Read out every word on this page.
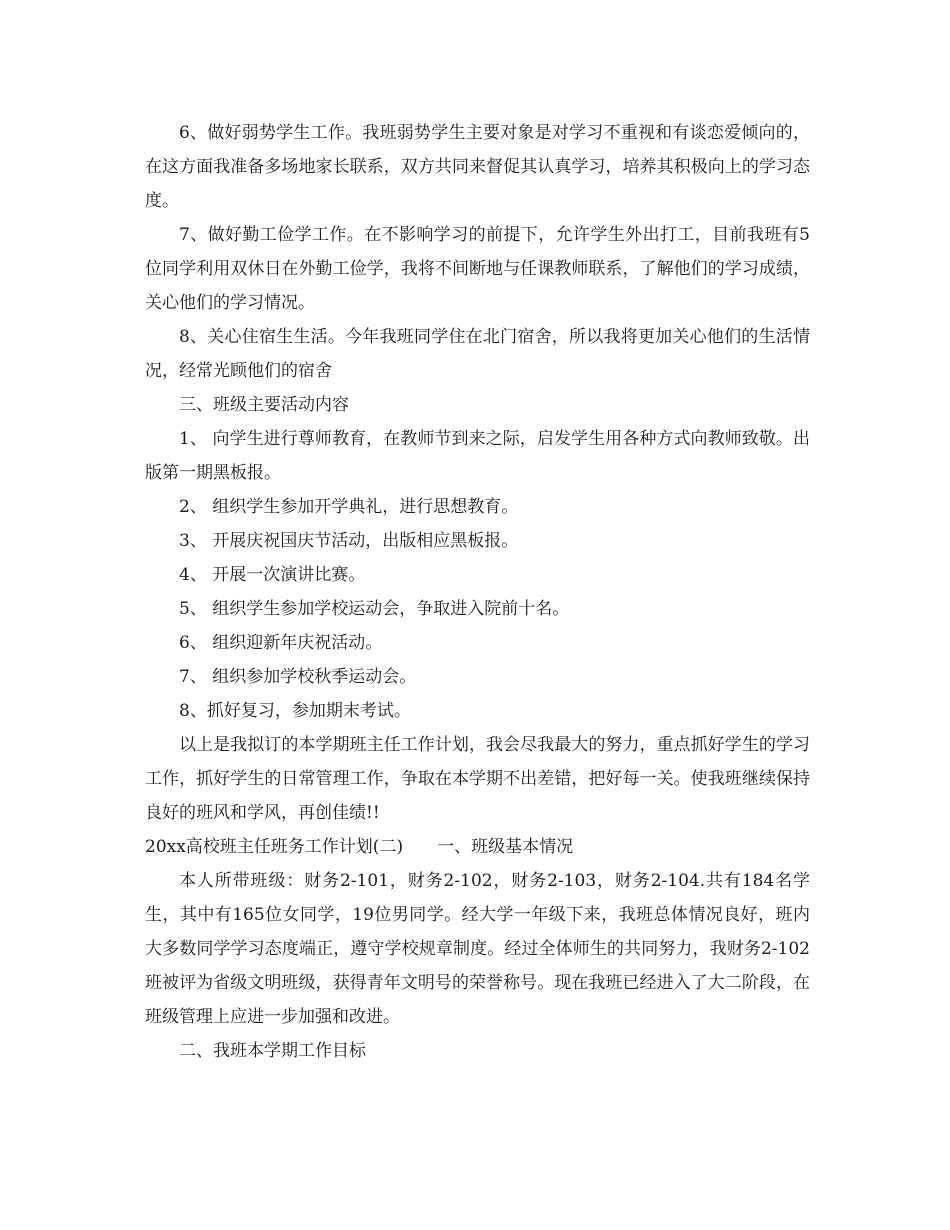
6、做好弱势学生工作。我班弱势学生主要对象是对学习不重视和有谈恋爱倾向的，在这方面我准备多场地家长联系，双方共同来督促其认真学习，培养其积极向上的学习态度。

7、做好勤工俭学工作。在不影响学习的前提下，允许学生外出打工，目前我班有5位同学利用双休日在外勤工俭学，我将不间断地与任课教师联系，了解他们的学习成绩，关心他们的学习情况。

8、关心住宿生生活。今年我班同学住在北门宿舍，所以我将更加关心他们的生活情况，经常光顾他们的宿舍

三、班级主要活动内容

1、 向学生进行尊师教育，在教师节到来之际，启发学生用各种方式向教师致敬。出版第一期黑板报。

2、 组织学生参加开学典礼，进行思想教育。

3、 开展庆祝国庆节活动，出版相应黑板报。

4、 开展一次演讲比赛。

5、 组织学生参加学校运动会，争取进入院前十名。

6、 组织迎新年庆祝活动。

7、 组织参加学校秋季运动会。

8、抓好复习，参加期末考试。

以上是我拟订的本学期班主任工作计划，我会尽我最大的努力，重点抓好学生的学习工作，抓好学生的日常管理工作，争取在本学期不出差错，把好每一关。使我班继续保持良好的班风和学风，再创佳绩!!

20xx高校班主任班务工作计划(二)　　一、班级基本情况

本人所带班级：财务2-101，财务2-102，财务2-103，财务2-104.共有184名学生，其中有165位女同学，19位男同学。经大学一年级下来，我班总体情况良好，班内大多数同学学习态度端正，遵守学校规章制度。经过全体师生的共同努力，我财务2-102班被评为省级文明班级，获得青年文明号的荣誉称号。现在我班已经进入了大二阶段，在班级管理上应进一步加强和改进。

二、我班本学期工作目标
